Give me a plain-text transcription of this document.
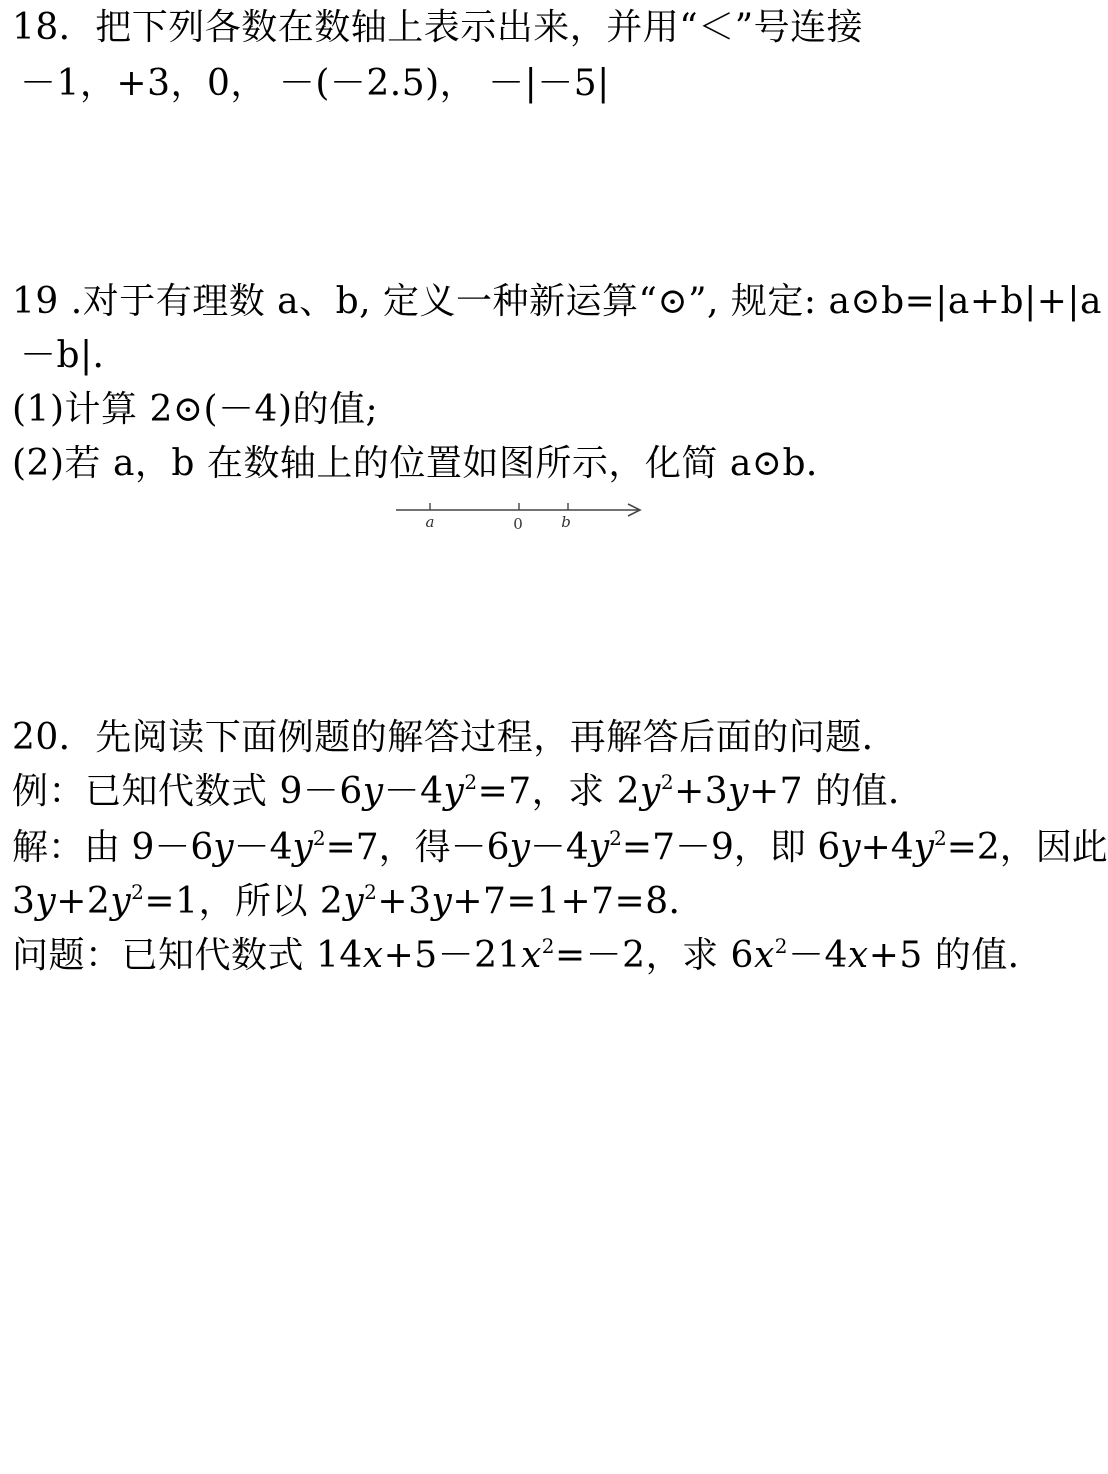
18．把下列各数在数轴上表示出来，并用“＜”号连接
－1，+3，0， －(－2.5)， －|－5|
19 .对于有理数 a、b, 定义一种新运算“⊙”, 规定: a⊙b=|a+b|+|a
－b|．
(1)计算 2⊙(－4)的值;
(2)若 a，b 在数轴上的位置如图所示，化简 a⊙b．
a	0	b
20．先阅读下面例题的解答过程，再解答后面的问题．
例：已知代数式 $9-6y-4y^2=7$，求 $2y^2+3y+7$ 的值．
解：由 $9-6y-4y^2=7$，得$-6y-4y^2=7-9$，即 $6y+4y^2=2$，因此
$3y+2y^2=1$，所以 $2y^2+3y+7=1+7=8$．
问题：已知代数式 $14x+5-21x^2=-2$，求 $6x^2-4x+5$ 的值．
